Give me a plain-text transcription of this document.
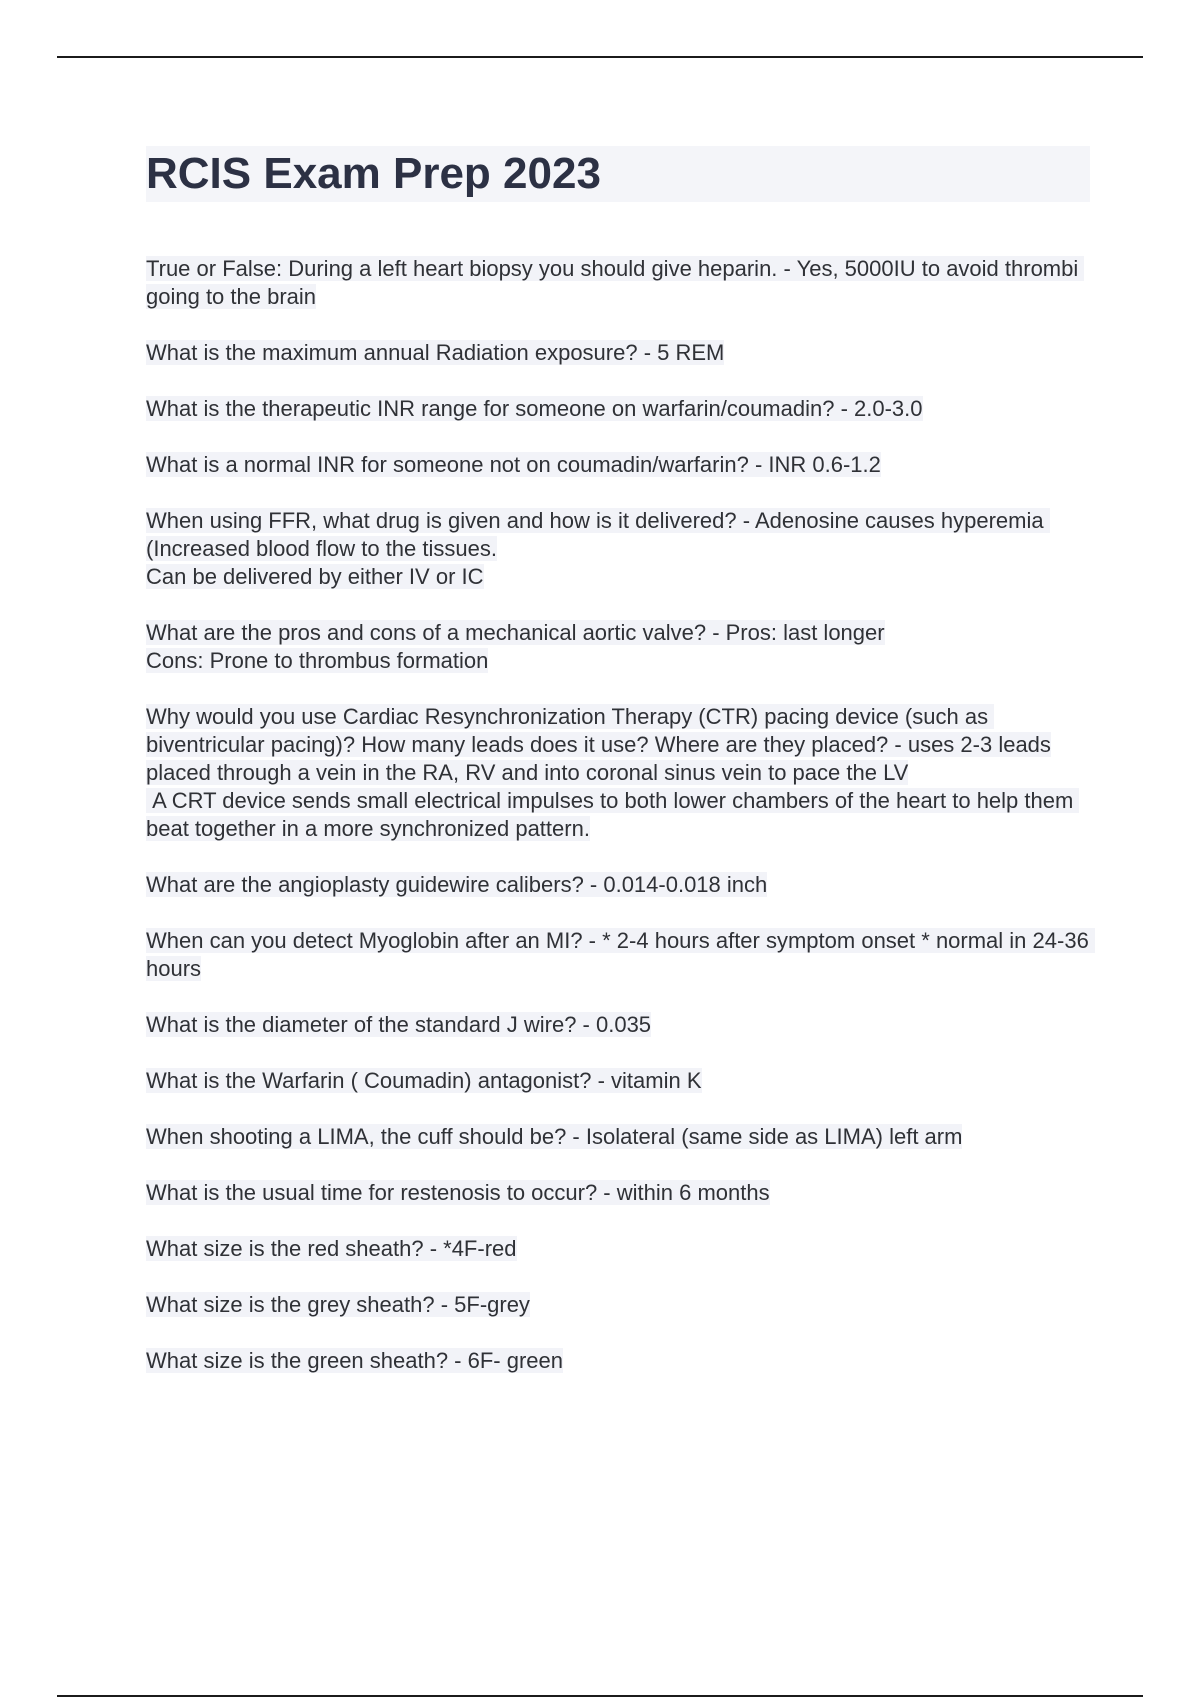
RCIS Exam Prep 2023
True or False: During a left heart biopsy you should give heparin. - Yes, 5000IU to avoid thrombi going to the brain
What is the maximum annual Radiation exposure? - 5 REM
What is the therapeutic INR range for someone on warfarin/coumadin? - 2.0-3.0
What is a normal INR for someone not on coumadin/warfarin? - INR 0.6-1.2
When using FFR, what drug is given and how is it delivered? - Adenosine causes hyperemia (Increased blood flow to the tissues.
Can be delivered by either IV or IC
What are the pros and cons of a mechanical aortic valve? - Pros: last longer
Cons: Prone to thrombus formation
Why would you use Cardiac Resynchronization Therapy (CTR) pacing device (such as biventricular pacing)? How many leads does it use? Where are they placed? - uses 2-3 leads
placed through a vein in the RA, RV and into coronal sinus vein to pace the LV
A CRT device sends small electrical impulses to both lower chambers of the heart to help them beat together in a more synchronized pattern.
What are the angioplasty guidewire calibers? - 0.014-0.018 inch
When can you detect Myoglobin after an MI? - * 2-4 hours after symptom onset * normal in 24-36 hours
What is the diameter of the standard J wire? - 0.035
What is the Warfarin ( Coumadin) antagonist? - vitamin K
When shooting a LIMA, the cuff should be? - Isolateral (same side as LIMA) left arm
What is the usual time for restenosis to occur? - within 6 months
What size is the red sheath? - *4F-red
What size is the grey sheath? - 5F-grey
What size is the green sheath? - 6F- green
